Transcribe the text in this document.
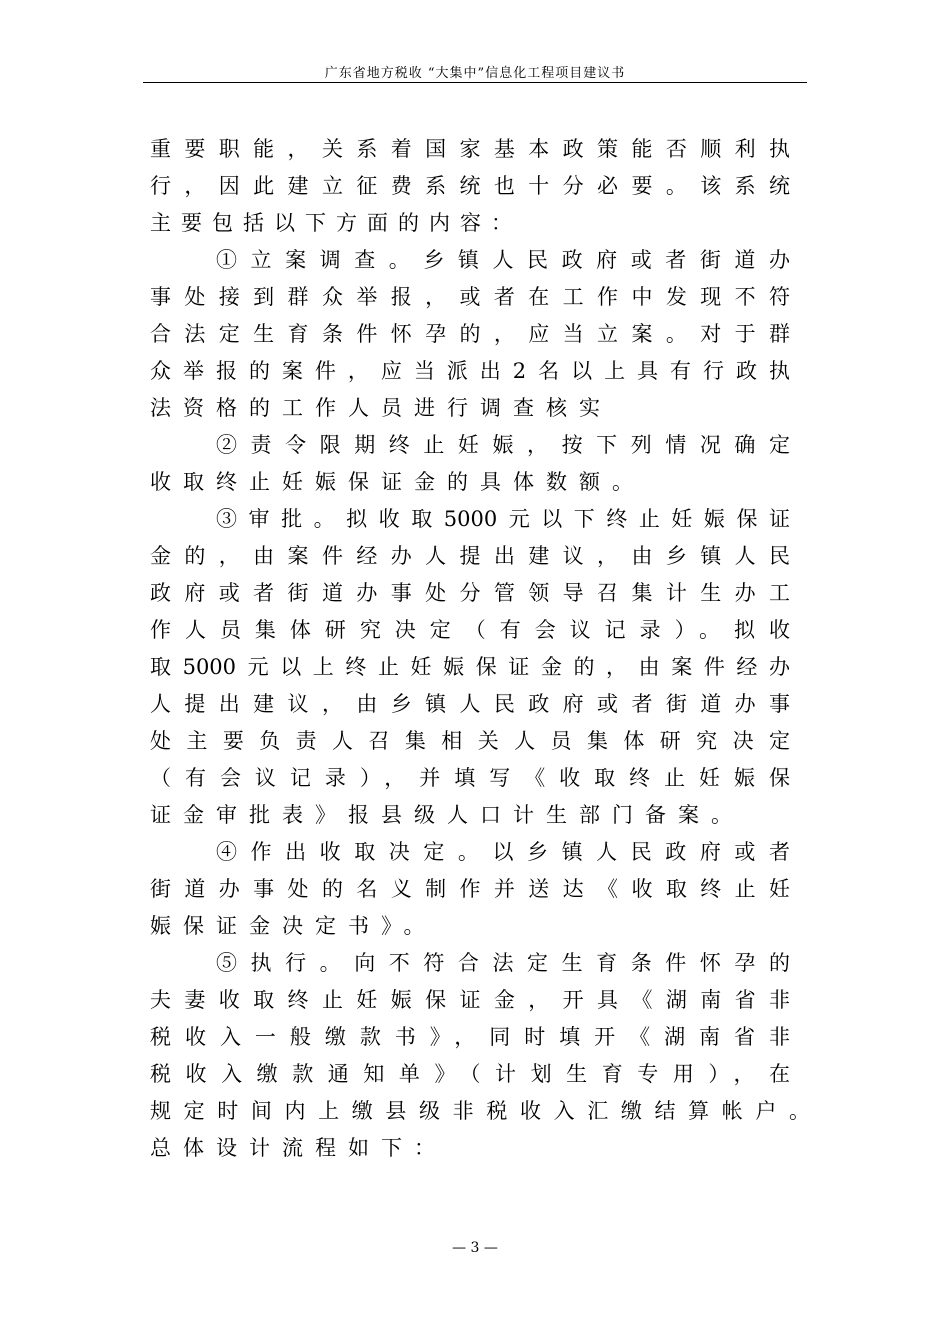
广东省地方税收 “大集中”信息化工程项目建议书
重要职能，关系着国家基本政策能否顺利执
行，因此建立征费系统也十分必要。该系统
主要包括以下方面的内容：
①立案调查。乡镇人民政府或者街道办
事处接到群众举报，或者在工作中发现不符
合法定生育条件怀孕的，应当立案。对于群
众举报的案件，应当派出2名以上具有行政执
法资格的工作人员进行调查核实
②责令限期终止妊娠，按下列情况确定
收取终止妊娠保证金的具体数额。
③审批。拟收取5000元以下终止妊娠保证
金的，由案件经办人提出建议，由乡镇人民
政府或者街道办事处分管领导召集计生办工
作人员集体研究决定（有会议记录）。拟收
取5000元以上终止妊娠保证金的，由案件经办
人提出建议，由乡镇人民政府或者街道办事
处主要负责人召集相关人员集体研究决定
（有会议记录），并填写《收取终止妊娠保
证金审批表》报县级人口计生部门备案。
④作出收取决定。以乡镇人民政府或者
街道办事处的名义制作并送达《收取终止妊
娠保证金决定书》。
⑤执行。向不符合法定生育条件怀孕的
夫妻收取终止妊娠保证金，开具《湖南省非
税收入一般缴款书》，同时填开《湖南省非
税收入缴款通知单》（计划生育专用），在
规定时间内上缴县级非税收入汇缴结算帐户。
总体设计流程如下：
— 3 —
